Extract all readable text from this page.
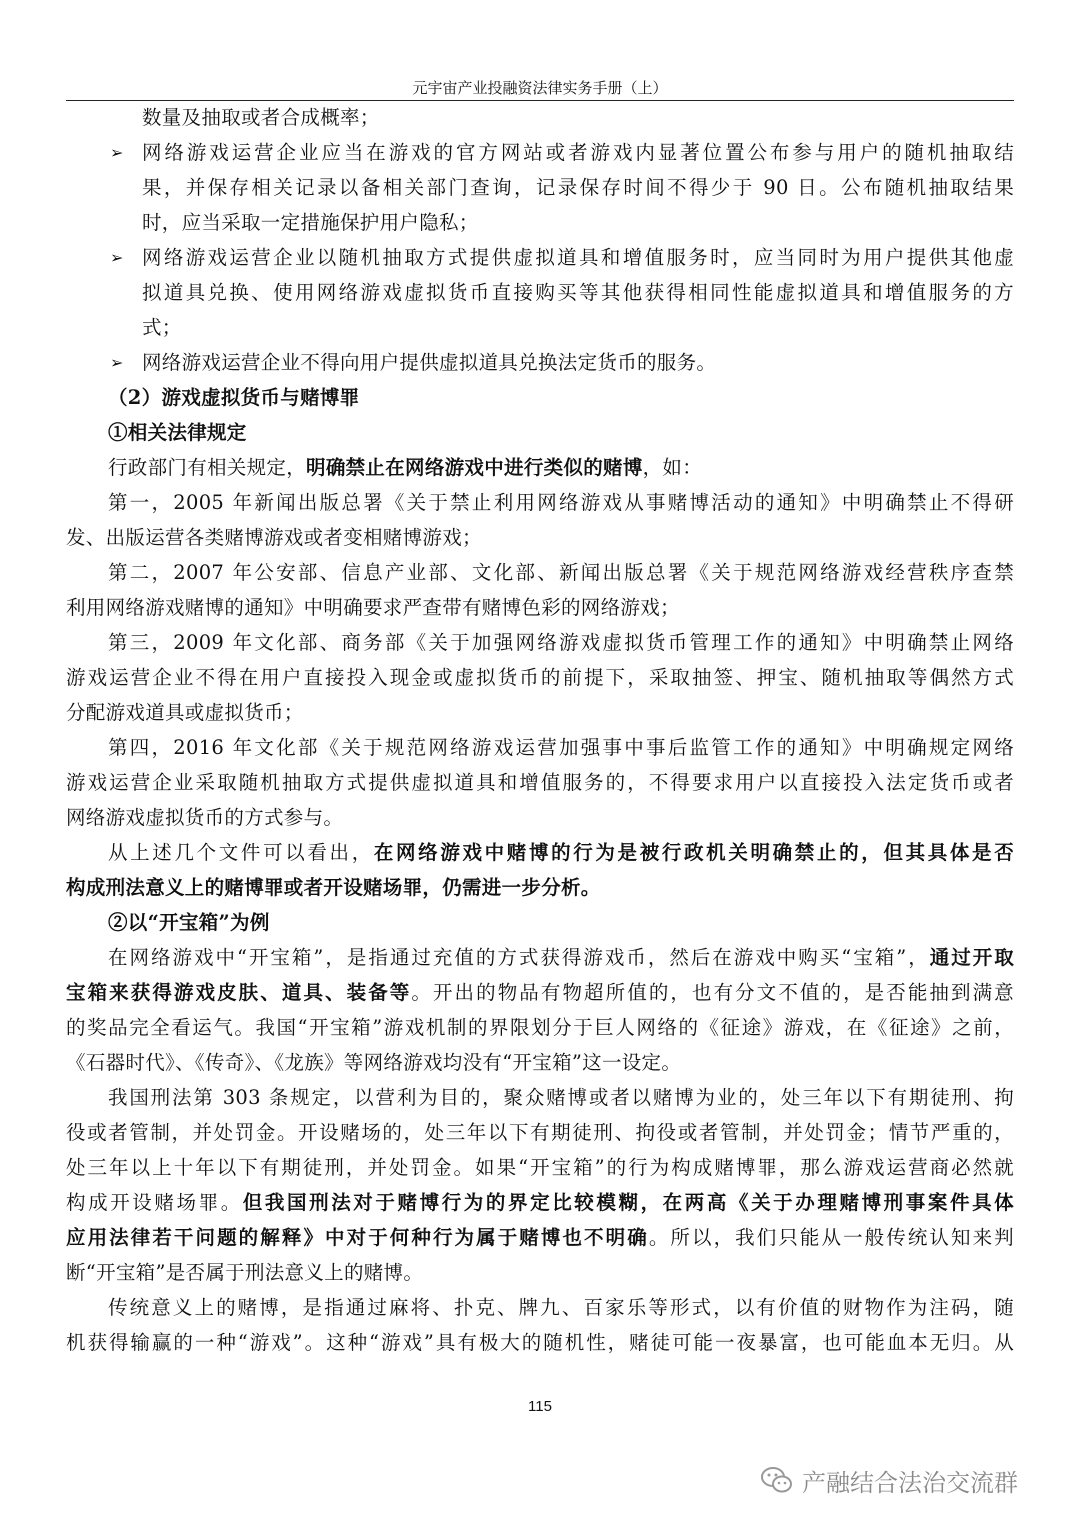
元宇宙产业投融资法律实务手册（上）
数量及抽取或者合成概率；
➢ 网络游戏运营企业应当在游戏的官方网站或者游戏内显著位置公布参与用户的随机抽取结
果，并保存相关记录以备相关部门查询，记录保存时间不得少于 90 日。公布随机抽取结果
时，应当采取一定措施保护用户隐私；
➢ 网络游戏运营企业以随机抽取方式提供虚拟道具和增值服务时，应当同时为用户提供其他虚
拟道具兑换、使用网络游戏虚拟货币直接购买等其他获得相同性能虚拟道具和增值服务的方
式；
➢ 网络游戏运营企业不得向用户提供虚拟道具兑换法定货币的服务。
（2）游戏虚拟货币与赌博罪
①相关法律规定
行政部门有相关规定，明确禁止在网络游戏中进行类似的赌博，如：
第一，2005 年新闻出版总署《关于禁止利用网络游戏从事赌博活动的通知》中明确禁止不得研
发、出版运营各类赌博游戏或者变相赌博游戏；
第二，2007 年公安部、信息产业部、文化部、新闻出版总署《关于规范网络游戏经营秩序查禁
利用网络游戏赌博的通知》中明确要求严查带有赌博色彩的网络游戏；
第三，2009 年文化部、商务部《关于加强网络游戏虚拟货币管理工作的通知》中明确禁止网络
游戏运营企业不得在用户直接投入现金或虚拟货币的前提下，采取抽签、押宝、随机抽取等偶然方式
分配游戏道具或虚拟货币；
第四，2016 年文化部《关于规范网络游戏运营加强事中事后监管工作的通知》中明确规定网络
游戏运营企业采取随机抽取方式提供虚拟道具和增值服务的，不得要求用户以直接投入法定货币或者
网络游戏虚拟货币的方式参与。
从上述几个文件可以看出，在网络游戏中赌博的行为是被行政机关明确禁止的，但其具体是否
构成刑法意义上的赌博罪或者开设赌场罪，仍需进一步分析。
②以“开宝箱”为例
在网络游戏中“开宝箱”，是指通过充值的方式获得游戏币，然后在游戏中购买“宝箱”，通过开取
宝箱来获得游戏皮肤、道具、装备等。开出的物品有物超所值的，也有分文不值的，是否能抽到满意
的奖品完全看运气。我国“开宝箱”游戏机制的界限划分于巨人网络的《征途》游戏，在《征途》之前，
《石器时代》、《传奇》、《龙族》等网络游戏均没有“开宝箱”这一设定。
我国刑法第 303 条规定，以营利为目的，聚众赌博或者以赌博为业的，处三年以下有期徒刑、拘
役或者管制，并处罚金。开设赌场的，处三年以下有期徒刑、拘役或者管制，并处罚金；情节严重的，
处三年以上十年以下有期徒刑，并处罚金。如果“开宝箱”的行为构成赌博罪，那么游戏运营商必然就
构成开设赌场罪。但我国刑法对于赌博行为的界定比较模糊，在两高《关于办理赌博刑事案件具体
应用法律若干问题的解释》中对于何种行为属于赌博也不明确。所以，我们只能从一般传统认知来判
断“开宝箱”是否属于刑法意义上的赌博。
传统意义上的赌博，是指通过麻将、扑克、牌九、百家乐等形式，以有价值的财物作为注码，随
机获得输赢的一种“游戏”。这种“游戏”具有极大的随机性，赌徒可能一夜暴富，也可能血本无归。从
115
产融结合法治交流群
